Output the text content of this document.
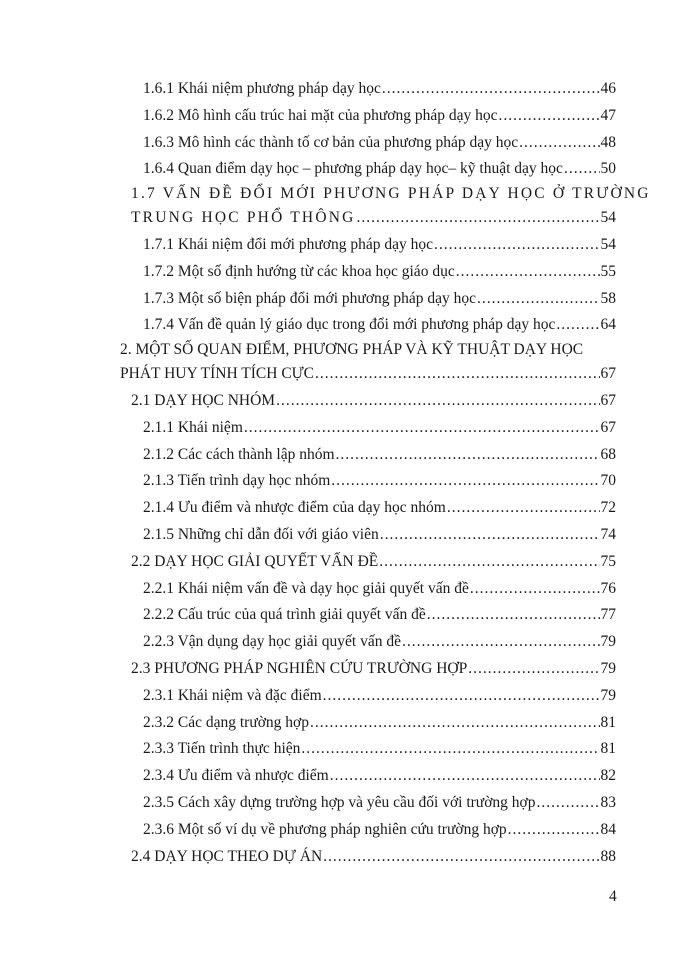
1.6.1 Khái niệm phương pháp dạy học .....	46
1.6.2 Mô hình cấu trúc hai mặt của phương pháp dạy học .....	47
1.6.3 Mô hình các thành tố cơ bản của phương pháp dạy học .....	48
1.6.4 Quan điểm dạy học – phương pháp dạy học– kỹ thuật dạy học ..... 50
1.7 VẤN ĐỀ ĐỔI MỚI PHƯƠNG PHÁP DẠY HỌC Ở TRƯỜNG
TRUNG HỌC PHỔ THÔNG .....	54
1.7.1 Khái niệm đổi mới phương pháp dạy học .....	54
1.7.2 Một số định hướng từ các khoa học giáo dục .....	55
1.7.3 Một số biện pháp đổi mới phương pháp dạy học .....	58
1.7.4 Vấn đề quản lý giáo dục trong đổi mới phương pháp dạy học .....	64
2. MỘT SỐ QUAN ĐIỂM, PHƯƠNG PHÁP VÀ KỸ THUẬT DẠY HỌC
PHÁT HUY TÍNH TÍCH CỰC .....	67
2.1 DẠY HỌC NHÓM .....	67
2.1.1 Khái niệm .....	67
2.1.2 Các cách thành lập nhóm .....	68
2.1.3 Tiến trình dạy học nhóm .....	70
2.1.4 Ưu điểm và nhược điểm của dạy học nhóm .....	72
2.1.5 Những chỉ dẫn đối với giáo viên .....	74
2.2 DẠY HỌC GIẢI QUYẾT VẤN ĐỀ .....	75
2.2.1 Khái niệm vấn đề và dạy học giải quyết vấn đề .....	76
2.2.2 Cấu trúc của quá trình giải quyết vấn đề .....	77
2.2.3 Vận dụng dạy học giải quyết vấn đề .....	79
2.3 PHƯƠNG PHÁP NGHIÊN CỨU TRƯỜNG HỢP .....	79
2.3.1 Khái niệm và đặc điểm .....	79
2.3.2 Các dạng trường hợp .....	81
2.3.3 Tiến trình thực hiện .....	81
2.3.4 Ưu điểm và nhược điểm .....	82
2.3.5 Cách xây dựng trường hợp và yêu cầu đối với trường hợp .....	83
2.3.6 Một số ví dụ về phương pháp nghiên cứu trường hợp .....	84
2.4 DẠY HỌC THEO DỰ ÁN .....	88
4
